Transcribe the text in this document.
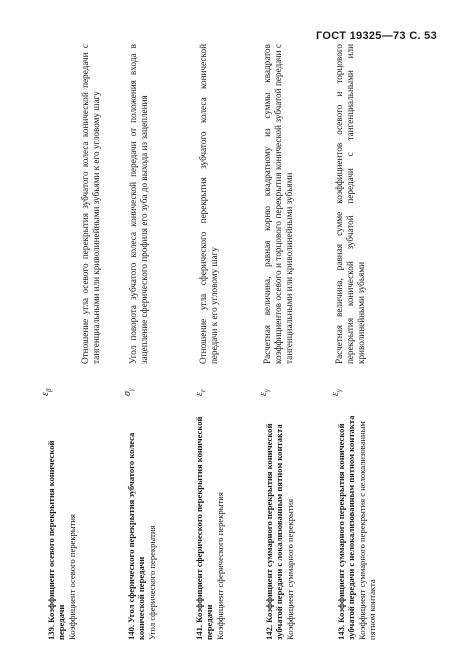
ГОСТ 19325—73 С. 53

139. Коэффициент осевого перекрытия конической передачи Коэффициент осевого перекрытия

$\varepsilon_\beta$
Отношение угла осевого перекрытия зубчатого колеса конической передачи с тангенциальными или криволинейными зубьями к его угловому шагу

140. Угол сферического перекрытия зубчатого колеса конической передачи Угол сферического перекрытия

$\sigma_\gamma$
Угол поворота зубчатого колеса конической передачи от положения входа в зацепление сферического профиля его зуба до выхода из зацепления

141. Коэффициент сферического перекрытия конической передачи Коэффициент сферического перекрытия

$\varepsilon_r$
Отношение угла сферического перекрытия зубчатого колеса конической передачи к его угловому шагу

142. Коэффициент суммарного перекрытия конической зубчатой передачи с локализованным пятном контакта Коэффициент суммарного перекрытия

$\varepsilon_\gamma$
Расчетная величина, равная корню квадратному из суммы квадратов коэффициентов осевого и торцового перекрытия конической зубчатой передачи с тангенциальными или криволинейными зубьями

143. Коэффициент суммарного перекрытия конической зубчатой передачи с нелокализованным пятном контакта Коэффициент суммарного перекрытия с нелокализованным пятном контакта

$\varepsilon_\gamma$
Расчетная величина, равная сумме коэффициентов осевого и торцового перекрытия конической зубчатой передачи с тангенциальными или криволинейными зубьями
